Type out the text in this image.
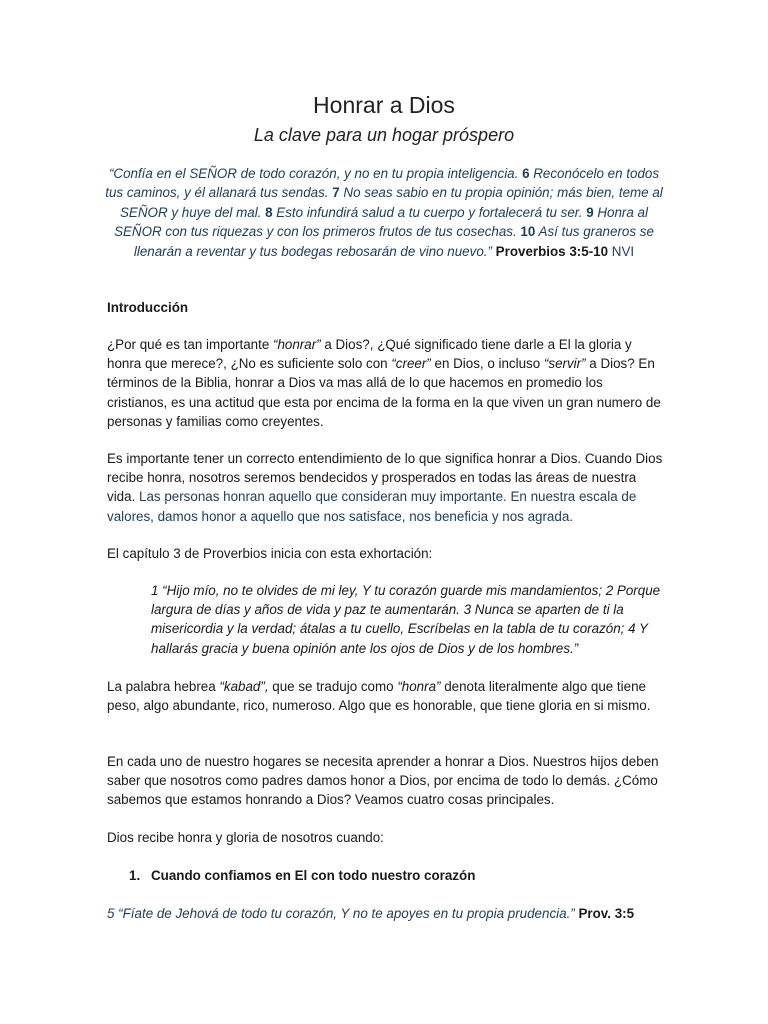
Honrar a Dios
La clave para un hogar próspero
“Confía en el SEÑOR de todo corazón, y no en tu propia inteligencia. 6 Reconócelo en todos tus caminos, y él allanará tus sendas. 7 No seas sabio en tu propia opinión; más bien, teme al SEÑOR y huye del mal. 8 Esto infundirá salud a tu cuerpo y fortalecerá tu ser. 9 Honra al SEÑOR con tus riquezas y con los primeros frutos de tus cosechas. 10 Así tus graneros se llenarán a reventar y tus bodegas rebosarán de vino nuevo.” Proverbios 3:5-10 NVI
Introducción
¿Por qué es tan importante “honrar” a Dios?, ¿Qué significado tiene darle a El la gloria y honra que merece?, ¿No es suficiente solo con “creer” en Dios, o incluso “servir” a Dios? En términos de la Biblia, honrar a Dios va mas allá de lo que hacemos en promedio los cristianos, es una actitud que esta por encima de la forma en la que viven un gran numero de personas y familias como creyentes.
Es importante tener un correcto entendimiento de lo que significa honrar a Dios. Cuando Dios recibe honra, nosotros seremos bendecidos y prosperados en todas las áreas de nuestra vida. Las personas honran aquello que consideran muy importante. En nuestra escala de valores, damos honor a aquello que nos satisface, nos beneficia y nos agrada.
El capítulo 3 de Proverbios inicia con esta exhortación:
1 “Hijo mío, no te olvides de mi ley, Y tu corazón guarde mis mandamientos; 2 Porque largura de días y años de vida y paz te aumentarán. 3 Nunca se aparten de ti la misericordia y la verdad; átalas a tu cuello, Escríbelas en la tabla de tu corazón; 4 Y hallarás gracia y buena opinión ante los ojos de Dios y de los hombres.”
La palabra hebrea “kabad”, que se tradujo como “honra” denota literalmente algo que tiene peso, algo abundante, rico, numeroso. Algo que es honorable, que tiene gloria en si mismo.
En cada uno de nuestro hogares se necesita aprender a honrar a Dios. Nuestros hijos deben saber que nosotros como padres damos honor a Dios, por encima de todo lo demás. ¿Cómo sabemos que estamos honrando a Dios? Veamos cuatro cosas principales.
Dios recibe honra y gloria de nosotros cuando:
1. Cuando confiamos en El con todo nuestro corazón
5 “Fíate de Jehová de todo tu corazón, Y no te apoyes en tu propia prudencia.” Prov. 3:5
